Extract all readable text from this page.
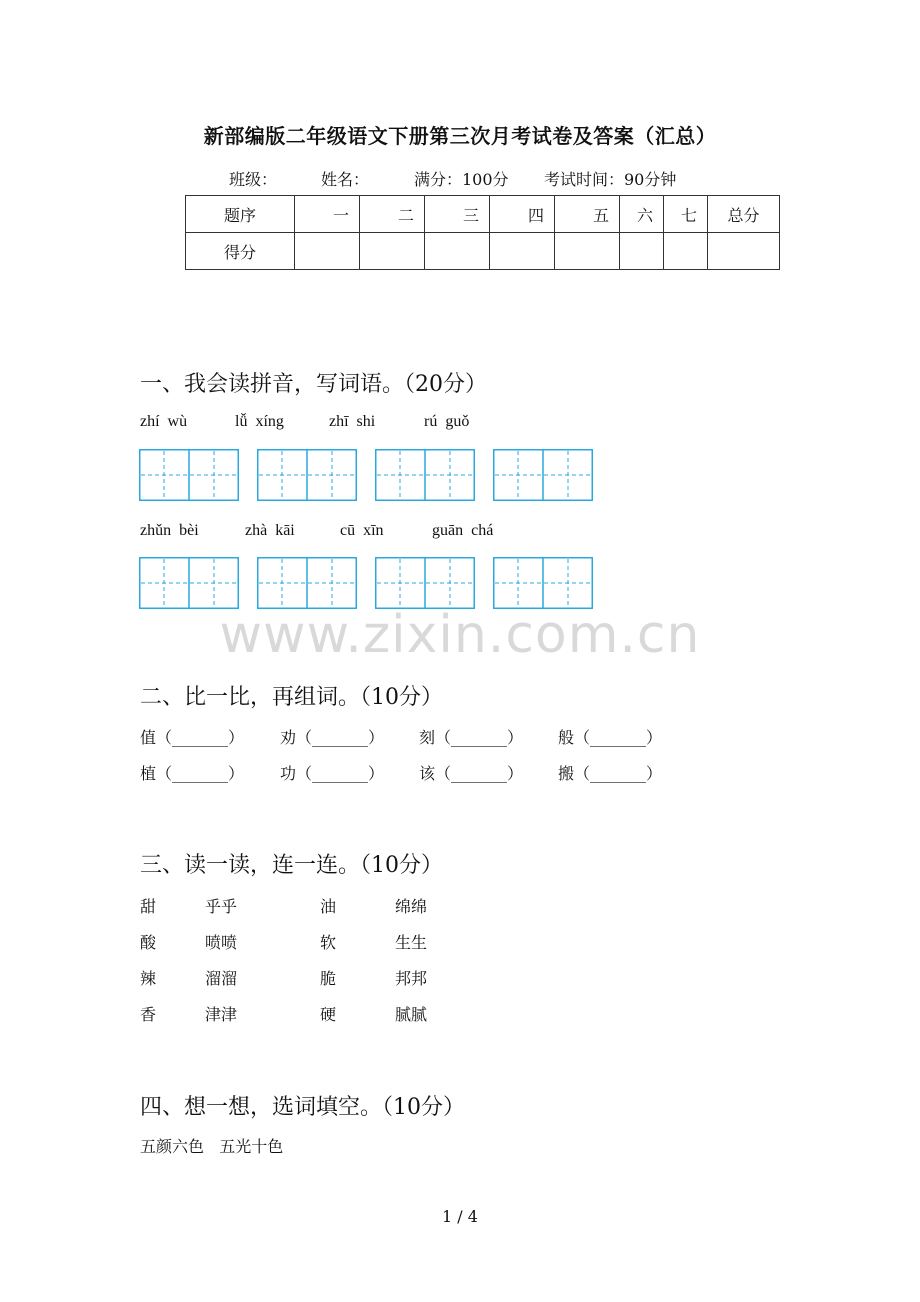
新部编版二年级语文下册第三次月考试卷及答案（汇总）
班级：	姓名：	满分：100分 考试时间：90分钟
题序	一	二	三	四	五	六	七	总分
得分								
一、我会读拼音，写词语。（20分）
zhí  wù	lǚ  xíng	zhī  shi	rú  guǒ
zhǔn  bèi	zhà  kāi	cū  xīn	guān  chá
www.zixin.com.cn
二、比一比，再组词。（10分）
值（_______） 劝（_______） 刻（_______） 般（_______）
植（_______） 功（_______） 该（_______） 搬（_______）
三、读一读，连一连。（10分）
甜	乎乎	油	绵绵
酸	喷喷	软	生生
辣	溜溜	脆	邦邦
香	津津	硬	腻腻
四、想一想，选词填空。（10分）
五颜六色   五光十色
1 / 4
